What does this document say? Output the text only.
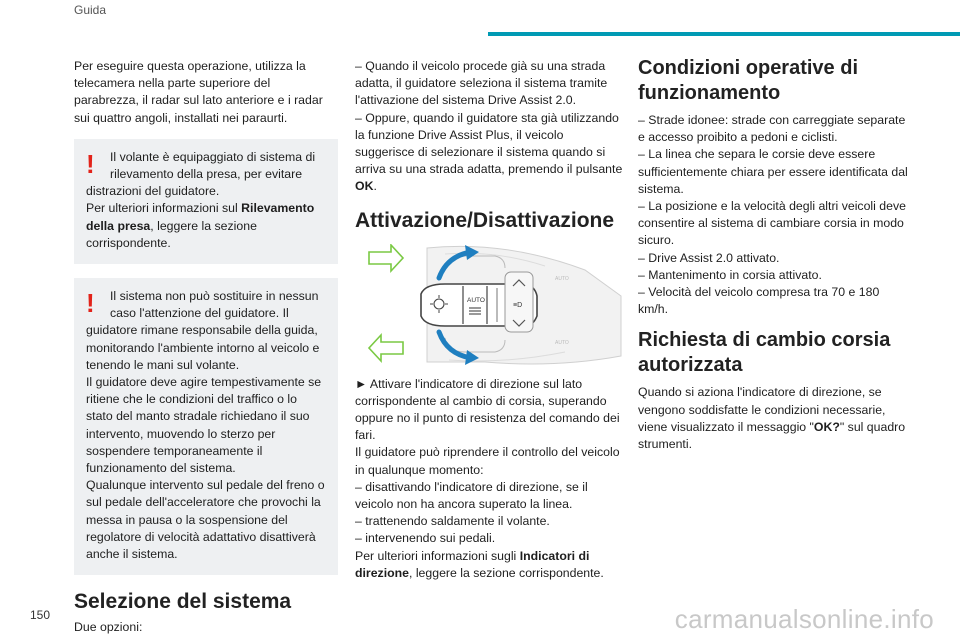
Guida

Per eseguire questa operazione, utilizza la telecamera nella parte superiore del parabrezza, il radar sul lato anteriore e i radar sui quattro angoli, installati nei paraurti.

!	Il volante è equipaggiato di sistema di
rilevamento della presa, per evitare

distrazioni del guidatore.

Per ulteriori informazioni sul Rilevamento della presa, leggere la sezione corrispondente.

!	Il sistema non può sostituire in nessun
caso l'attenzione del guidatore. Il

guidatore rimane responsabile della guida, monitorando l'ambiente intorno al veicolo e tenendo le mani sul volante.

Il guidatore deve agire tempestivamente se ritiene che le condizioni del traffico o lo stato del manto stradale richiedano il suo intervento, muovendo lo sterzo per sospendere temporaneamente il funzionamento del sistema.

Qualunque intervento sul pedale del freno o sul pedale dell'acceleratore che provochi la messa in pausa o la sospensione del regolatore di velocità adattativo disattiverà anche il sistema.

Selezione del sistema

Due opzioni:

– Quando il veicolo procede già su una strada adatta, il guidatore seleziona il sistema tramite l'attivazione del sistema Drive Assist 2.0.

– Oppure, quando il guidatore sta già utilizzando la funzione Drive Assist Plus, il veicolo suggerisce di selezionare il sistema quando si arriva su una strada adatta, premendo il pulsante OK.

Attivazione/Disattivazione
AUTO
≡D
AUTO
AUTO

► Attivare l'indicatore di direzione sul lato corrispondente al cambio di corsia, superando oppure no il punto di resistenza del comando dei fari.

Il guidatore può riprendere il controllo del veicolo in qualunque momento:

– disattivando l'indicatore di direzione, se il veicolo non ha ancora superato la linea.

– trattenendo saldamente il volante.

– intervenendo sui pedali.

Per ulteriori informazioni sugli Indicatori di direzione, leggere la sezione corrispondente.

Condizioni operative di funzionamento

– Strade idonee: strade con carreggiate separate e accesso proibito a pedoni e ciclisti.

– La linea che separa le corsie deve essere sufficientemente chiara per essere identificata dal sistema.

– La posizione e la velocità degli altri veicoli deve consentire al sistema di cambiare corsia in modo sicuro.

– Drive Assist 2.0 attivato.

– Mantenimento in corsia attivato.

– Velocità del veicolo compresa tra 70 e 180 km/h.

Richiesta di cambio corsia autorizzata

Quando si aziona l'indicatore di direzione, se vengono soddisfatte le condizioni necessarie, viene visualizzato il messaggio "OK?" sul quadro strumenti.

150	carmanualsonline.info
